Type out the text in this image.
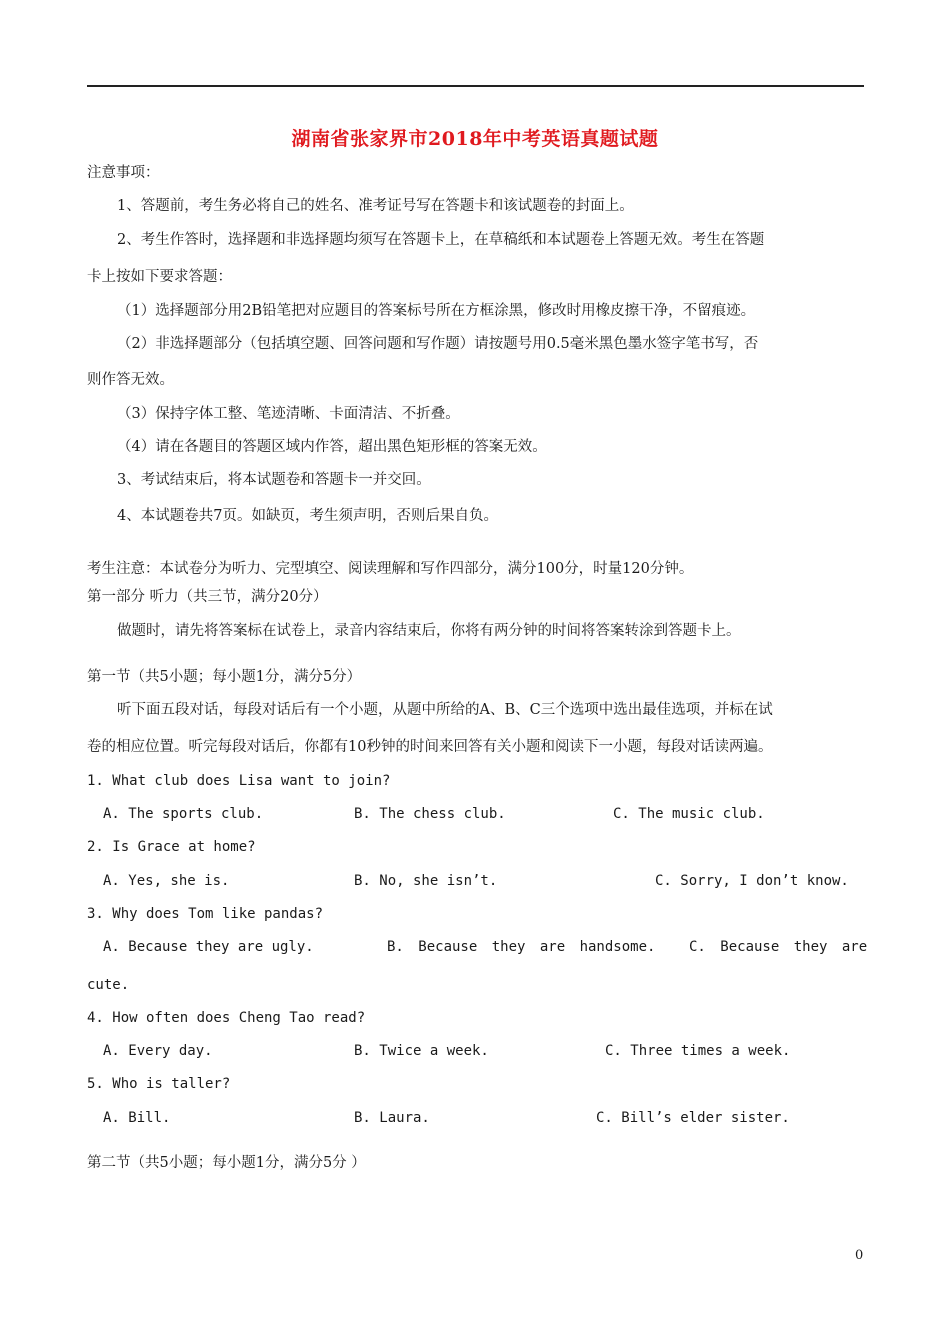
湖南省张家界市2018年中考英语真题试题
注意事项：
1、答题前，考生务必将自己的姓名、准考证号写在答题卡和该试题卷的封面上。
2、考生作答时，选择题和非选择题均须写在答题卡上，在草稿纸和本试题卷上答题无效。考生在答题
卡上按如下要求答题：
（1）选择题部分用2B铅笔把对应题目的答案标号所在方框涂黑，修改时用橡皮擦干净，不留痕迹。
（2）非选择题部分（包括填空题、回答问题和写作题）请按题号用0.5毫米黑色墨水签字笔书写，否
则作答无效。
（3）保持字体工整、笔迹清晰、卡面清洁、不折叠。
（4）请在各题目的答题区域内作答，超出黑色矩形框的答案无效。
3、考试结束后，将本试题卷和答题卡一并交回。
4、本试题卷共7页。如缺页，考生须声明，否则后果自负。
考生注意：本试卷分为听力、完型填空、阅读理解和写作四部分，满分100分，时量120分钟。
第一部分 听力（共三节，满分20分）
做题时，请先将答案标在试卷上，录音内容结束后，你将有两分钟的时间将答案转涂到答题卡上。
第一节（共5小题；每小题1分，满分5分）
听下面五段对话，每段对话后有一个小题，从题中所给的A、B、C三个选项中选出最佳选项，并标在试
卷的相应位置。听完每段对话后，你都有10秒钟的时间来回答有关小题和阅读下一小题，每段对话读两遍。
1. What club does Lisa want to join?
A. The sports club.	B. The chess club.	C. The music club.
2. Is Grace at home?
A. Yes, she is.	B. No, she isn’t.	C. Sorry, I don’t know.
3. Why does Tom like pandas?
A. Because they are ugly.	B. Because they are handsome. C. Because they are
cute.
4. How often does Cheng Tao read?
A. Every day.	B. Twice a week.	C. Three times a week.
5. Who is taller?
A. Bill.	B. Laura.	C. Bill’s elder sister.
第二节（共5小题；每小题1分，满分5分 ）
0
